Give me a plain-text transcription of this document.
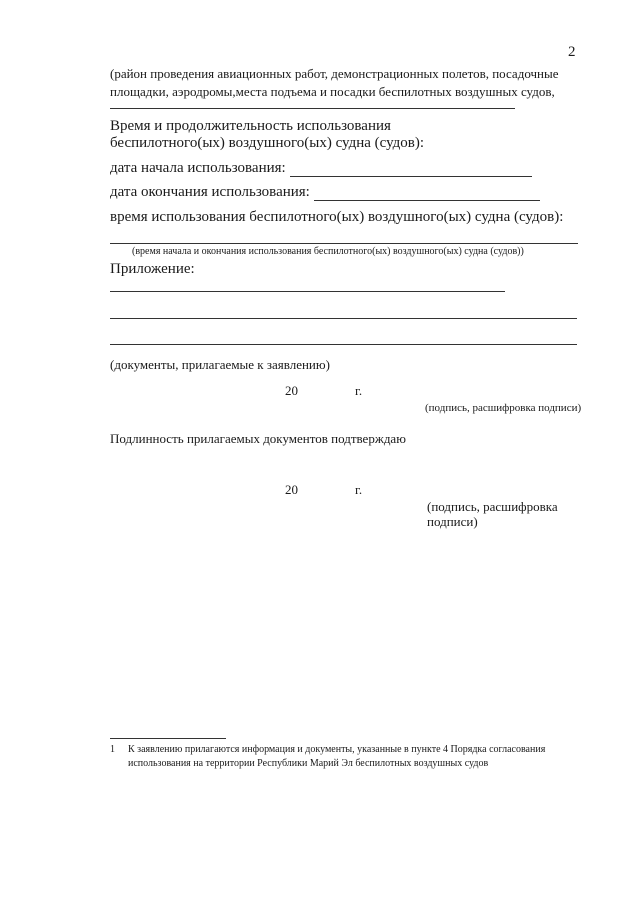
2
(район проведения авиационных работ, демонстрационных полетов, посадочные
площадки, аэродромы,места подъема и посадки беспилотных воздушных судов,
Время и продолжительность использования
беспилотного(ых) воздушного(ых) судна (судов):
дата начала использования:
дата окончания использования:
время использования беспилотного(ых) воздушного(ых) судна (судов):
(время начала и окончания использования беспилотного(ых) воздушного(ых) судна (судов))
Приложение:
(документы, прилагаемые к заявлению)
20	г.
(подпись, расшифровка подписи)
Подлинность прилагаемых документов подтверждаю
20	г.
(подпись, расшифровка
подписи)
1 К заявлению прилагаются информация и документы, указанные в пункте 4 Порядка согласования
использования на территории Республики Марий Эл беспилотных воздушных судов
